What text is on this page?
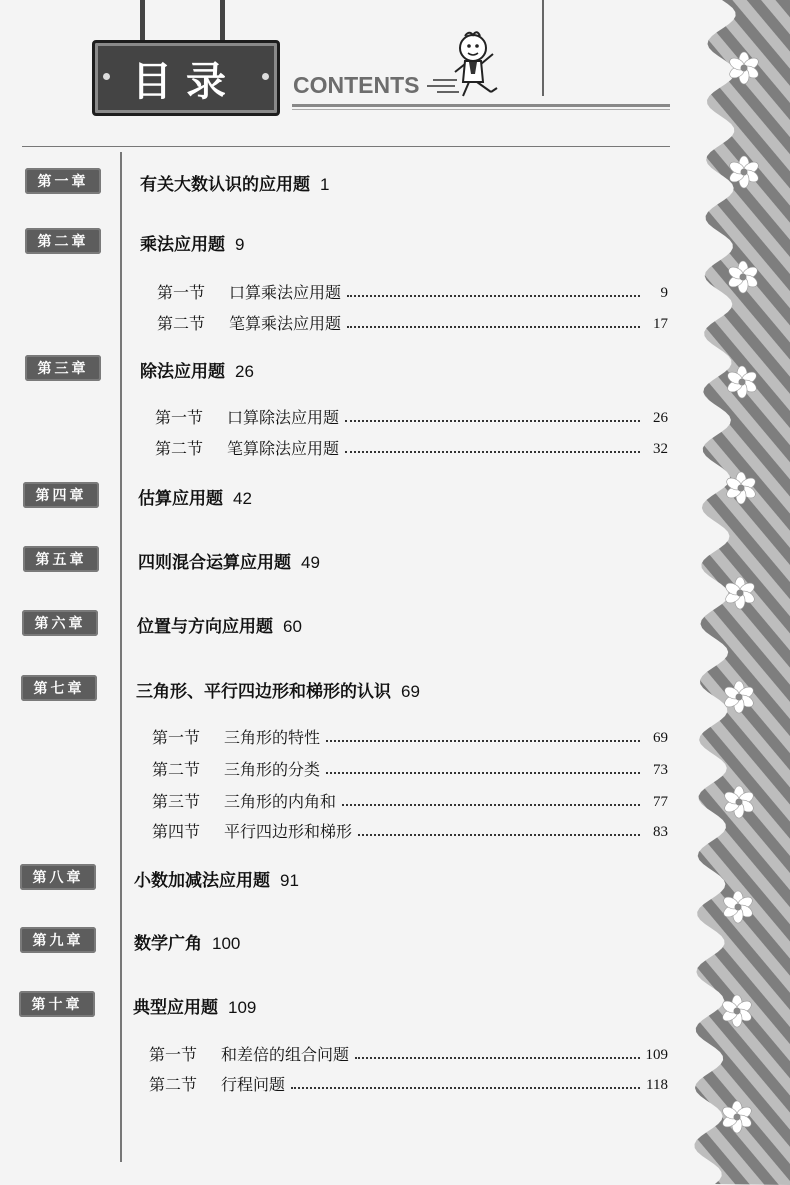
目录 CONTENTS
第一章	有关大数认识的应用题 1
第二章	乘法应用题 9
第一节 口算乘法应用题	9
第二节 笔算乘法应用题	17
第三章	除法应用题 26
第一节 口算除法应用题	26
第二节 笔算除法应用题	32
第四章	估算应用题 42
第五章	四则混合运算应用题 49
第六章	位置与方向应用题 60
第七章	三角形、平行四边形和梯形的认识 69
第一节 三角形的特性	69
第二节 三角形的分类	73
第三节 三角形的内角和	77
第四节 平行四边形和梯形	83
第八章	小数加减法应用题 91
第九章	数学广角 100
第十章	典型应用题 109
第一节 和差倍的组合问题	109
第二节 行程问题	118
